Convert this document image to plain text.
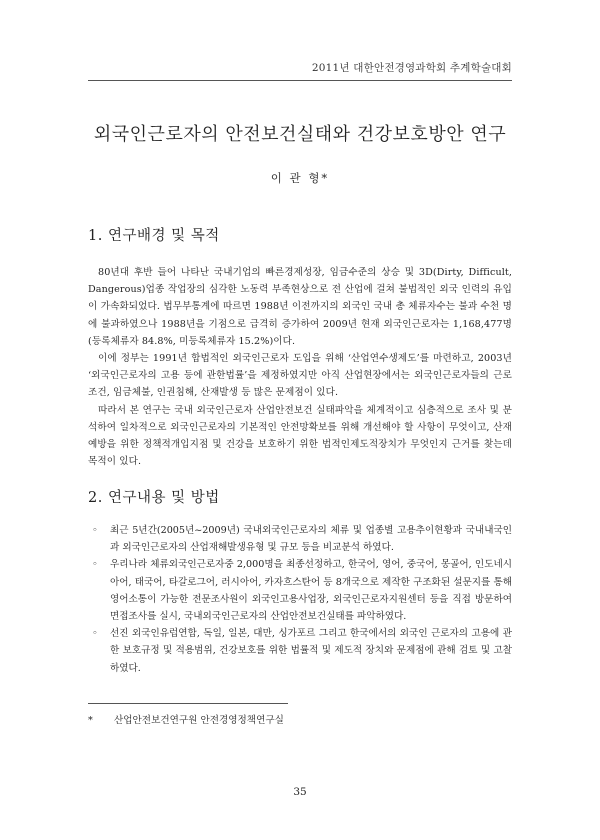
2011년 대한안전경영과학회 추계학술대회
외국인근로자의 안전보건실태와 건강보호방안 연구
이 관 형*
1. 연구배경 및 목적

80년대 후반 들어 나타난 국내기업의 빠른경제성장, 임금수준의 상승 및 3D(Dirty, Difficult, Dangerous)업종 작업장의 심각한 노동력 부족현상으로 전 산업에 걸쳐 불법적인 외국 인력의 유입이 가속화되었다. 법무부통계에 따르면 1988년 이전까지의 외국인 국내 총 체류자수는 불과 수천 명에 불과하였으나 1988년을 기점으로 급격히 증가하여 2009년 현재 외국인근로자는 1,168,477명(등록체류자 84.8%, 미등록체류자 15.2%)이다.

이에 정부는 1991년 합법적인 외국인근로자 도입을 위해 ‘산업연수생제도’를 마련하고, 2003년 ‘외국인근로자의 고용 등에 관한법률’을 제정하였지만 아직 산업현장에서는 외국인근로자들의 근로조건, 임금체불, 인권침해, 산재발생 등 많은 문제점이 있다.

따라서 본 연구는 국내 외국인근로자 산업안전보건 실태파악을 체계적이고 심층적으로 조사 및 분석하여 일차적으로 외국인근로자의 기본적인 안전망확보를 위해 개선해야 할 사항이 무엇이고, 산재예방을 위한 정책적개입지점 및 건강을 보호하기 위한 법적인제도적장치가 무엇인지 근거를 찾는데 목적이 있다.

2. 연구내용 및 방법
◦ 최근 5년간(2005년~2009년) 국내외국인근로자의 체류 및 업종별 고용추이현황과 국내내국인과 외국인근로자의 산업재해발생유형 및 규모 등을 비교분석 하였다.
◦ 우리나라 체류외국인근로자중 2,000명을 최종선정하고, 한국어, 영어, 중국어, 몽골어, 인도네시아어, 태국어, 타갈로그어, 러시아어, 카자흐스탄어 등 8개국으로 제작한 구조화된 설문지를 통해 영어소통이 가능한 전문조사원이 외국인고용사업장, 외국인근로자지원센터 등을 직접 방문하여 면접조사를 실시, 국내외국인근로자의 산업안전보건실태를 파악하였다.
◦ 선진 외국인유럽연합, 독일, 일본, 대만, 싱가포르 그리고 한국에서의 외국인 근로자의 고용에 관한 보호규정 및 적용범위, 건강보호를 위한 법률적 및 제도적 장치와 문제점에 관해 검토 및 고찰하였다.
* 산업안전보건연구원 안전경영정책연구실
35
